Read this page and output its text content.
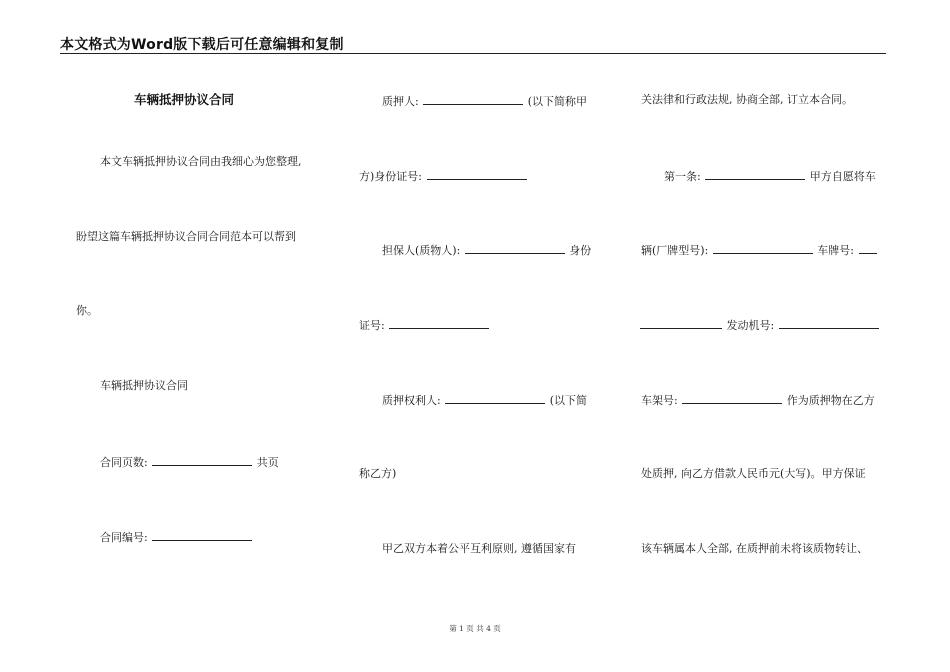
本文格式为Word版下载后可任意编辑和复制
车辆抵押协议合同
本文车辆抵押协议合同由我细心为您整理,
盼望这篇车辆抵押协议合同合同范本可以帮到
你。
车辆抵押协议合同
合同页数:	共页
合同编号:
质押人:	(以下简称甲
方)身份证号:
担保人(质物人):	身份
证号:
质押权利人:	(以下简
称乙方)
甲乙双方本着公平互利原则, 遵循国家有
关法律和行政法规, 协商全部, 订立本合同。
第一条:	甲方自愿将车
辆(厂牌型号):	车牌号:
发动机号:
车架号:	作为质押物在乙方
处质押, 向乙方借款人民币元(大写)。甲方保证
该车辆属本人全部, 在质押前未将该质物转让、
第 1 页 共 4 页
